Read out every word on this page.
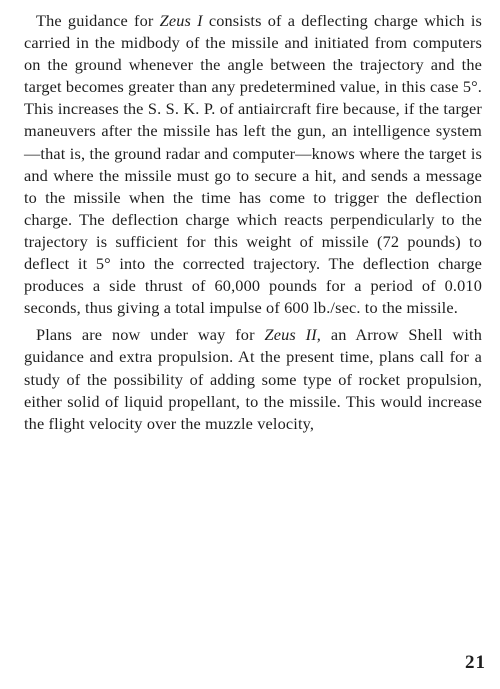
The guidance for Zeus I consists of a deflecting charge which is carried in the midbody of the missile and initiated from computers on the ground whenever the angle between the trajectory and the target becomes greater than any predetermined value, in this case 5°. This increases the S. S. K. P. of antiaircraft fire because, if the targer maneuvers after the missile has left the gun, an intelligence system—that is, the ground radar and computer—knows where the target is and where the missile must go to secure a hit, and sends a message to the missile when the time has come to trigger the deflection charge. The deflection charge which reacts perpendicularly to the trajectory is sufficient for this weight of missile (72 pounds) to deflect it 5° into the corrected trajectory. The deflection charge produces a side thrust of 60,000 pounds for a period of 0.010 seconds, thus giving a total impulse of 600 lb./sec. to the missile.

Plans are now under way for Zeus II, an Arrow Shell with guidance and extra propulsion. At the present time, plans call for a study of the possibility of adding some type of rocket propulsion, either solid of liquid propellant, to the missile. This would increase the flight velocity over the muzzle velocity,

21
